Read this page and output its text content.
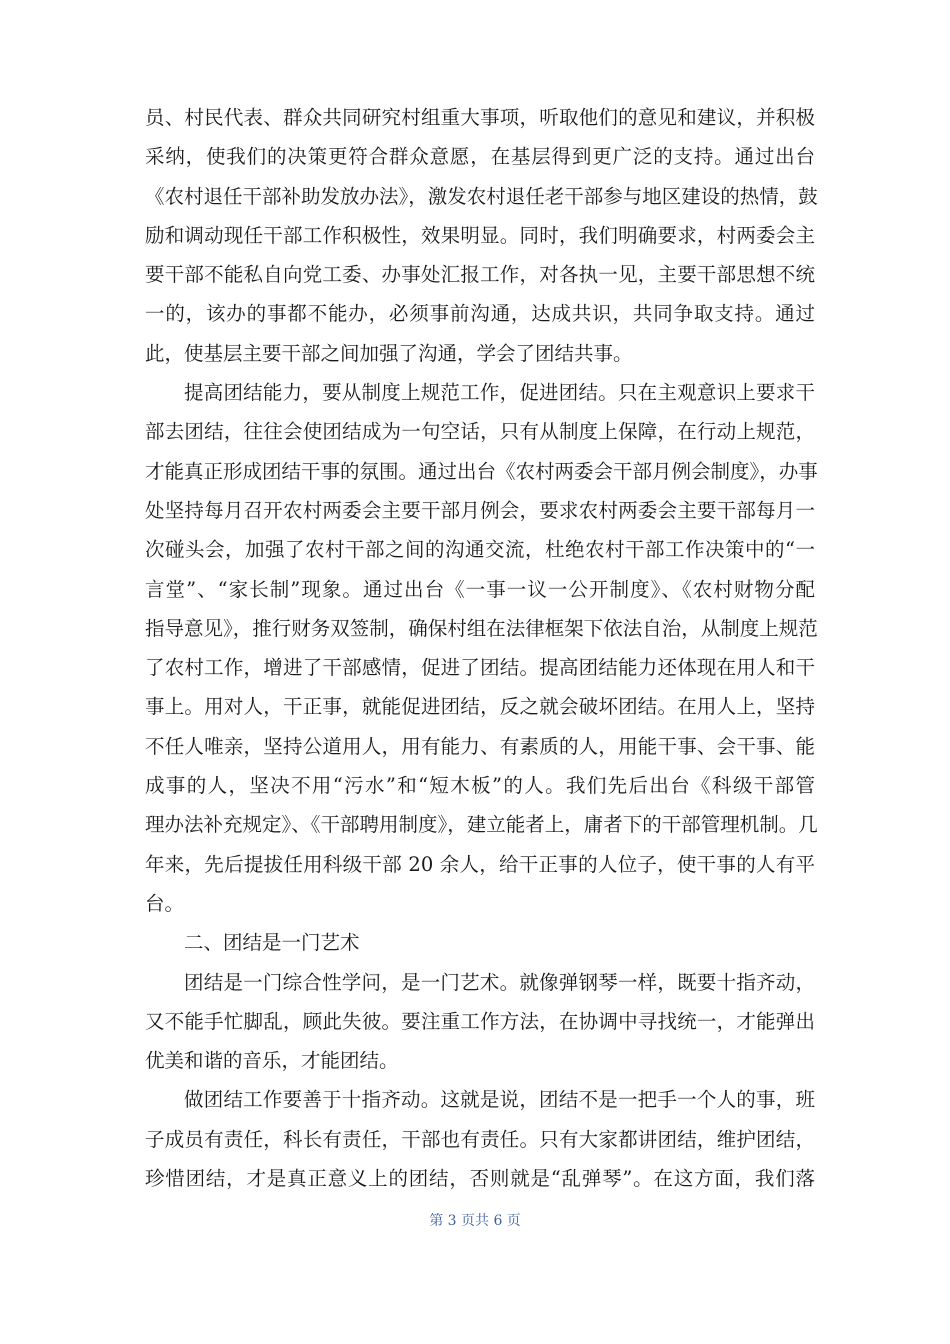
员、村民代表、群众共同研究村组重大事项，听取他们的意见和建议，并积极
采纳，使我们的决策更符合群众意愿，在基层得到更广泛的支持。通过出台
《农村退任干部补助发放办法》，激发农村退任老干部参与地区建设的热情，鼓
励和调动现任干部工作积极性，效果明显。同时，我们明确要求，村两委会主
要干部不能私自向党工委、办事处汇报工作，对各执一见，主要干部思想不统
一的，该办的事都不能办，必须事前沟通，达成共识，共同争取支持。通过
此，使基层主要干部之间加强了沟通，学会了团结共事。
提高团结能力，要从制度上规范工作，促进团结。只在主观意识上要求干
部去团结，往往会使团结成为一句空话，只有从制度上保障，在行动上规范，
才能真正形成团结干事的氛围。通过出台《农村两委会干部月例会制度》，办事
处坚持每月召开农村两委会主要干部月例会，要求农村两委会主要干部每月一
次碰头会，加强了农村干部之间的沟通交流，杜绝农村干部工作决策中的“一
言堂”、“家长制”现象。通过出台《一事一议一公开制度》、《农村财物分配
指导意见》，推行财务双签制，确保村组在法律框架下依法自治，从制度上规范
了农村工作，增进了干部感情，促进了团结。提高团结能力还体现在用人和干
事上。用对人，干正事，就能促进团结，反之就会破坏团结。在用人上，坚持
不任人唯亲，坚持公道用人，用有能力、有素质的人，用能干事、会干事、能
成事的人，坚决不用“污水”和“短木板”的人。我们先后出台《科级干部管
理办法补充规定》、《干部聘用制度》，建立能者上，庸者下的干部管理机制。几
年来，先后提拔任用科级干部 20 余人，给干正事的人位子，使干事的人有平
台。
二、团结是一门艺术
团结是一门综合性学问，是一门艺术。就像弹钢琴一样，既要十指齐动，
又不能手忙脚乱，顾此失彼。要注重工作方法，在协调中寻找统一，才能弹出
优美和谐的音乐，才能团结。
做团结工作要善于十指齐动。这就是说，团结不是一把手一个人的事，班
子成员有责任，科长有责任，干部也有责任。只有大家都讲团结，维护团结，
珍惜团结，才是真正意义上的团结，否则就是“乱弹琴”。在这方面，我们落
第 3 页共 6 页
